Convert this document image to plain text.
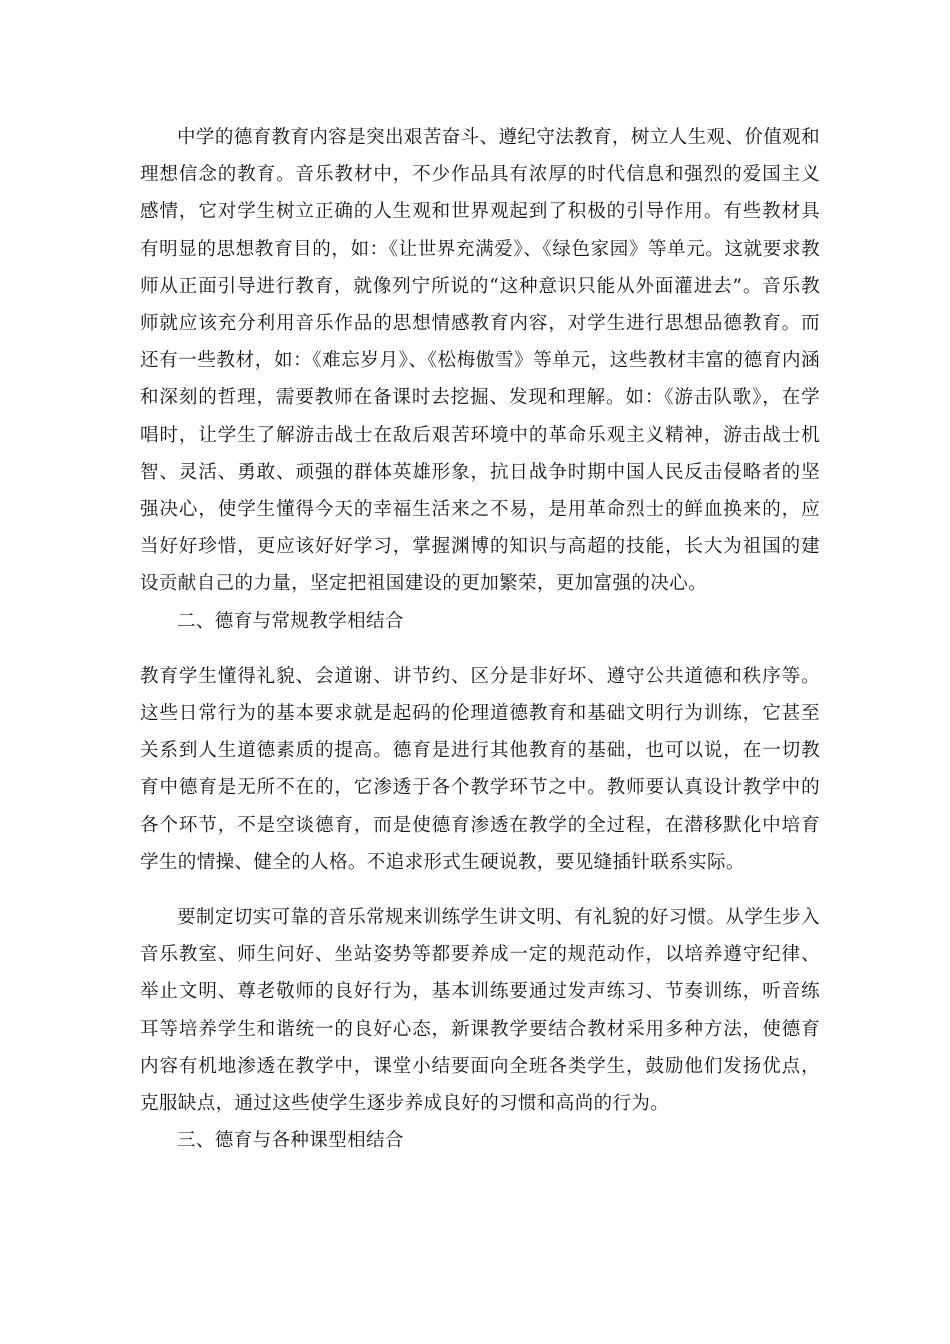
中学的德育教育内容是突出艰苦奋斗、遵纪守法教育，树立人生观、价值观和理想信念的教育。音乐教材中，不少作品具有浓厚的时代信息和强烈的爱国主义感情，它对学生树立正确的人生观和世界观起到了积极的引导作用。有些教材具有明显的思想教育目的，如：《让世界充满爱》、《绿色家园》等单元。这就要求教师从正面引导进行教育，就像列宁所说的“这种意识只能从外面灌进去”。音乐教师就应该充分利用音乐作品的思想情感教育内容，对学生进行思想品德教育。而还有一些教材，如：《难忘岁月》、《松梅傲雪》等单元，这些教材丰富的德育内涵和深刻的哲理，需要教师在备课时去挖掘、发现和理解。如：《游击队歌》，在学唱时，让学生了解游击战士在敌后艰苦环境中的革命乐观主义精神，游击战士机智、灵活、勇敢、顽强的群体英雄形象，抗日战争时期中国人民反击侵略者的坚强决心，使学生懂得今天的幸福生活来之不易，是用革命烈士的鲜血换来的，应当好好珍惜，更应该好好学习，掌握渊博的知识与高超的技能，长大为祖国的建设贡献自己的力量，坚定把祖国建设的更加繁荣，更加富强的决心。

二、德育与常规教学相结合

教育学生懂得礼貌、会道谢、讲节约、区分是非好坏、遵守公共道德和秩序等。这些日常行为的基本要求就是起码的伦理道德教育和基础文明行为训练，它甚至关系到人生道德素质的提高。德育是进行其他教育的基础，也可以说，在一切教育中德育是无所不在的，它渗透于各个教学环节之中。教师要认真设计教学中的各个环节，不是空谈德育，而是使德育渗透在教学的全过程，在潜移默化中培育学生的情操、健全的人格。不追求形式生硬说教，要见缝插针联系实际。

要制定切实可靠的音乐常规来训练学生讲文明、有礼貌的好习惯。从学生步入音乐教室、师生问好、坐站姿势等都要养成一定的规范动作，以培养遵守纪律、举止文明、尊老敬师的良好行为，基本训练要通过发声练习、节奏训练，听音练耳等培养学生和谐统一的良好心态，新课教学要结合教材采用多种方法，使德育内容有机地渗透在教学中，课堂小结要面向全班各类学生，鼓励他们发扬优点，克服缺点，通过这些使学生逐步养成良好的习惯和高尚的行为。

三、德育与各种课型相结合
